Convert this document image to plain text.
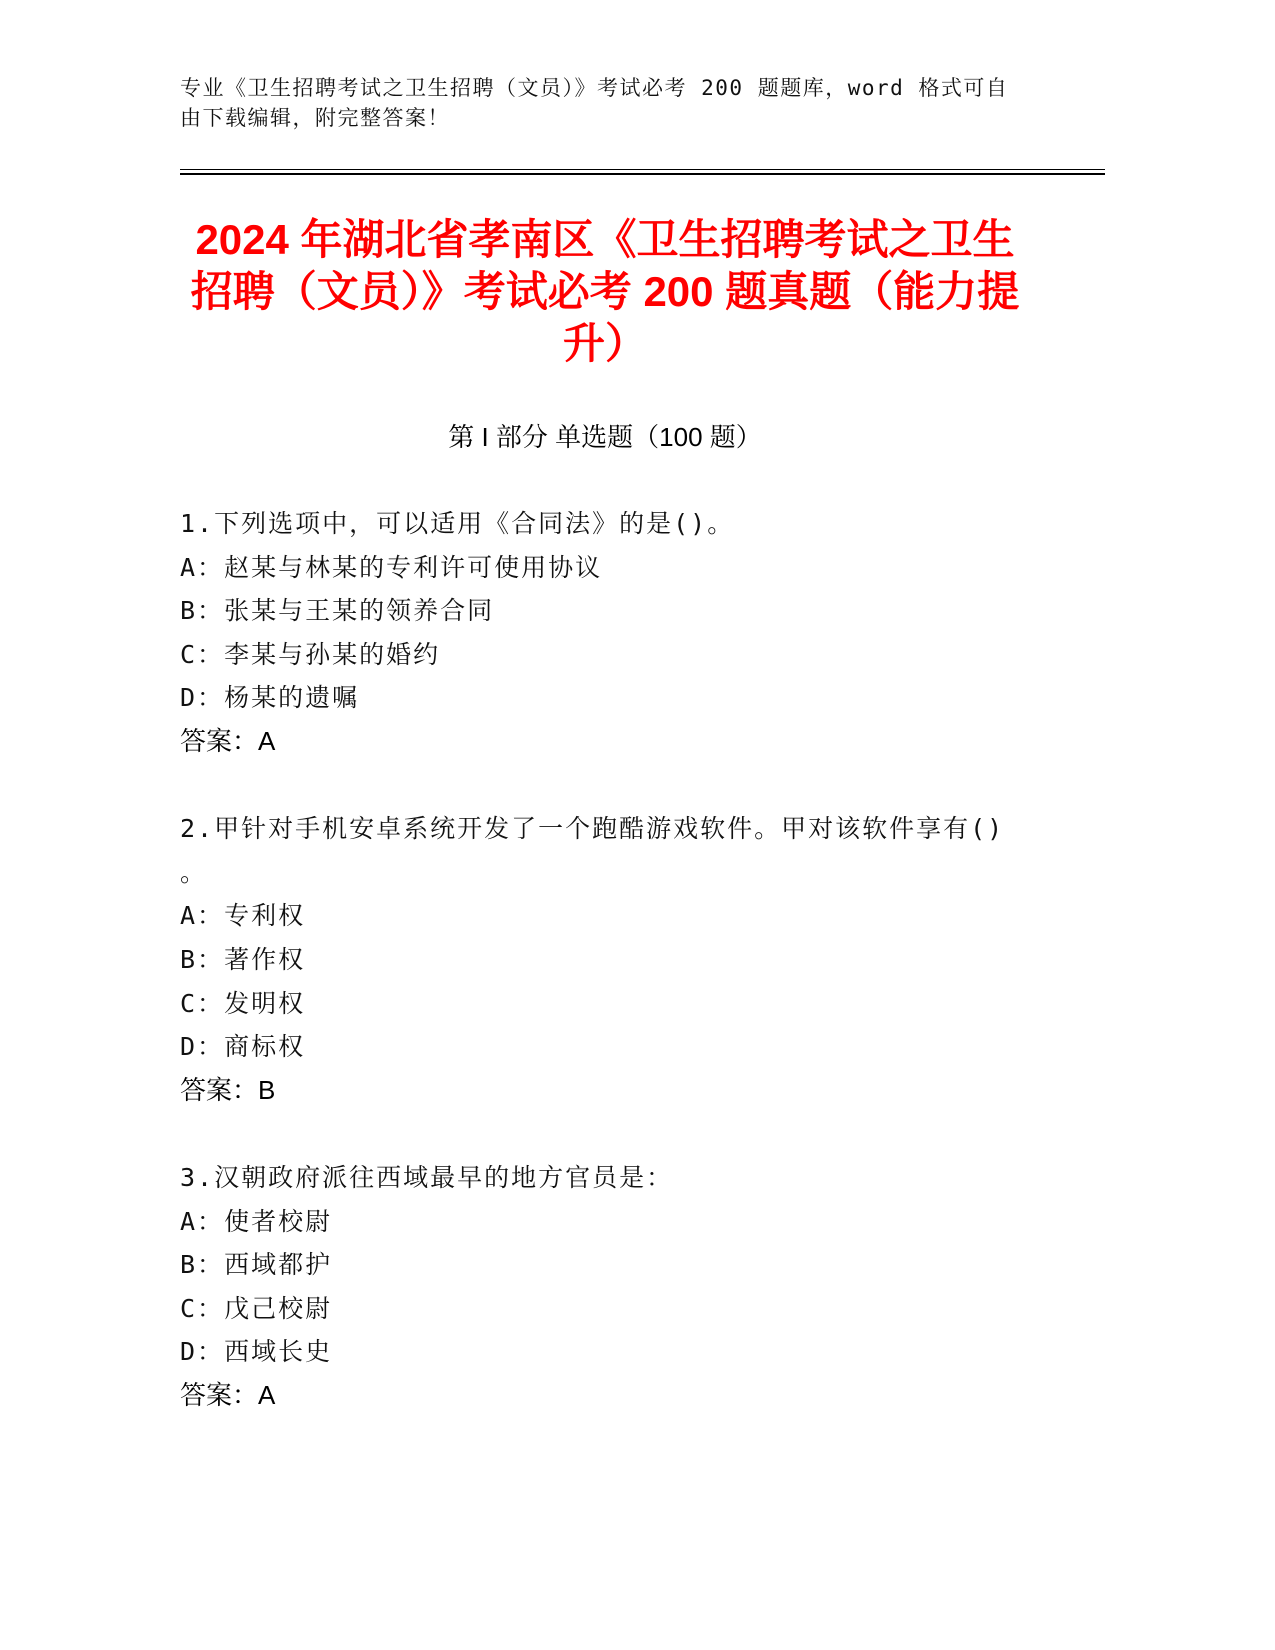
专业《卫生招聘考试之卫生招聘（文员）》考试必考 200 题题库，word 格式可自由下载编辑，附完整答案！
2024 年湖北省孝南区《卫生招聘考试之卫生招聘（文员）》考试必考 200 题真题（能力提升）
第 I 部分 单选题（100 题）
1.下列选项中，可以适用《合同法》的是()。
A：赵某与林某的专利许可使用协议
B：张某与王某的领养合同
C：李某与孙某的婚约
D：杨某的遗嘱
答案：A
2.甲针对手机安卓系统开发了一个跑酷游戏软件。甲对该软件享有()。
A：专利权
B：著作权
C：发明权
D：商标权
答案：B
3.汉朝政府派往西域最早的地方官员是：
A：使者校尉
B：西域都护
C：戊己校尉
D：西域长史
答案：A
